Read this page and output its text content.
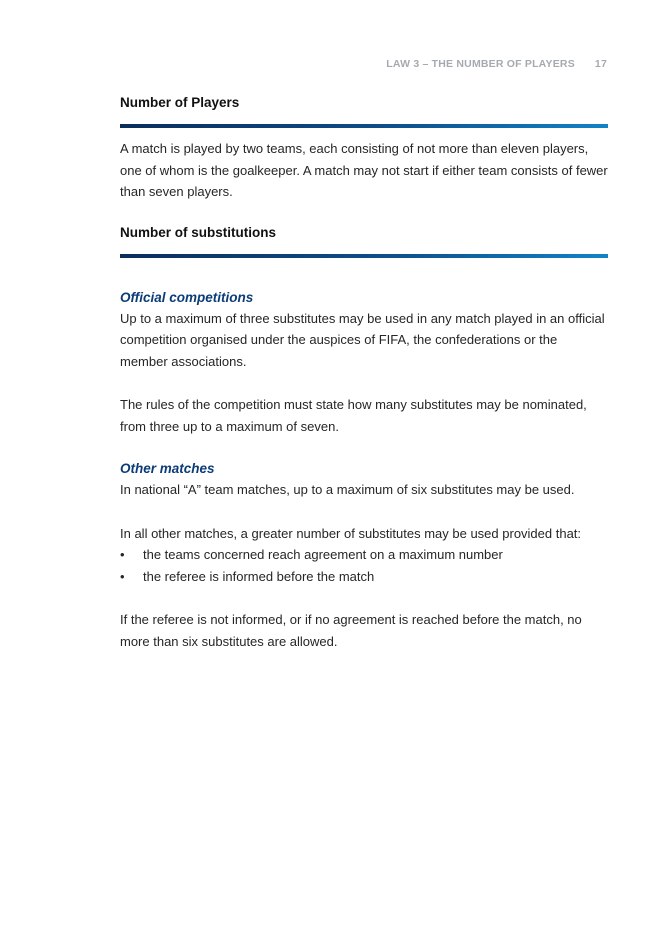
LAW 3 – THE NUMBER OF PLAYERS 17
Number of Players

A match is played by two teams, each consisting of not more than eleven players, one of whom is the goalkeeper. A match may not start if either team consists of fewer than seven players.

Number of substitutions
Official competitions

Up to a maximum of three substitutes may be used in any match played in an official competition organised under the auspices of FIFA, the confederations or the member associations.

The rules of the competition must state how many substitutes may be nominated, from three up to a maximum of seven.

Other matches

In national “A” team matches, up to a maximum of six substitutes may be used.

In all other matches, a greater number of substitutes may be used provided that:

• the teams concerned reach agreement on a maximum number
• the referee is informed before the match

If the referee is not informed, or if no agreement is reached before the match, no more than six substitutes are allowed.
